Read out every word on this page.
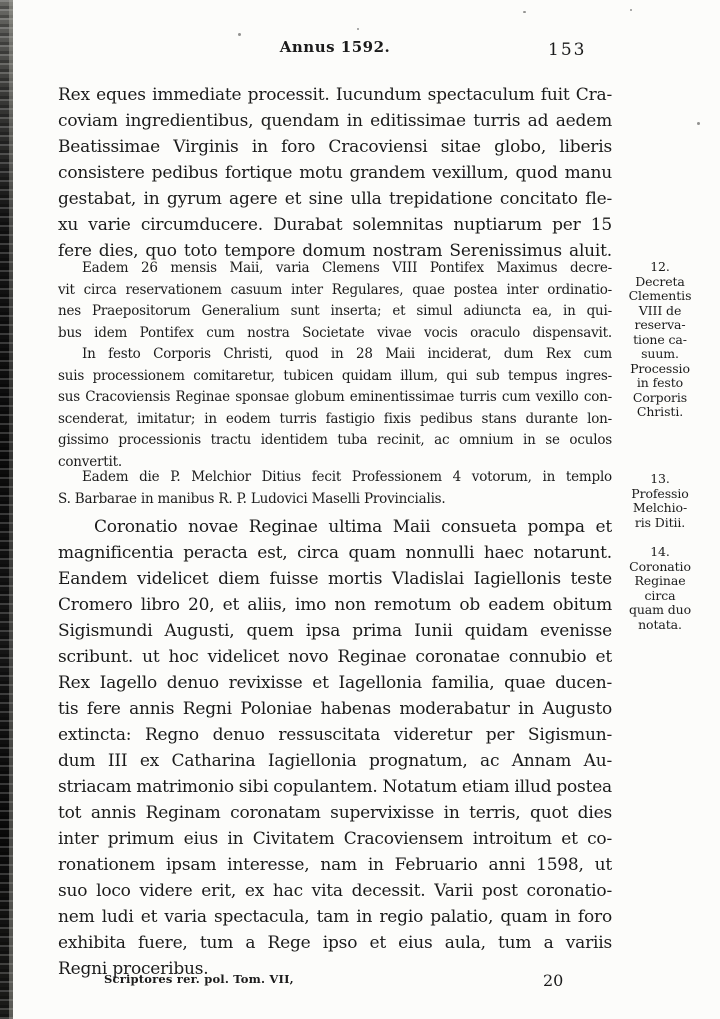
Annus 1592.	153
Rex eques immediate processit. Iucundum spectaculum fuit Cra-
coviam ingredientibus, quendam in editissimae turris ad aedem
Beatissimae Virginis in foro Cracoviensi sitae globo, liberis
consistere pedibus fortique motu grandem vexillum, quod manu
gestabat, in gyrum agere et sine ulla trepidatione concitato fle-
xu varie circumducere. Durabat solemnitas nuptiarum per 15
fere dies, quo toto tempore domum nostram Serenissimus aluit.
Eadem 26 mensis Maii, varia Clemens VIII Pontifex Maximus decre-
vit circa reservationem casuum inter Regulares, quae postea inter ordinatio-
nes Praepositorum Generalium sunt inserta; et simul adiuncta ea, in qui-
bus idem Pontifex cum nostra Societate vivae vocis oraculo dispensavit.
In festo Corporis Christi, quod in 28 Maii inciderat, dum Rex cum
suis processionem comitaretur, tubicen quidam illum, qui sub tempus ingres-
sus Cracoviensis Reginae sponsae globum eminentissimae turris cum vexillo con-
scenderat, imitatur; in eodem turris fastigio fixis pedibus stans durante lon-
gissimo processionis tractu identidem tuba recinit, ac omnium in se oculos
convertit.
Eadem die P. Melchior Ditius fecit Professionem 4 votorum, in templo
S. Barbarae in manibus R. P. Ludovici Maselli Provincialis.
Coronatio novae Reginae ultima Maii consueta pompa et
magnificentia peracta est, circa quam nonnulli haec notarunt.
Eandem videlicet diem fuisse mortis Vladislai Iagiellonis teste
Cromero libro 20, et aliis, imo non remotum ob eadem obitum
Sigismundi Augusti, quem ipsa prima Iunii quidam evenisse
scribunt. ut hoc videlicet novo Reginae coronatae connubio et
Rex Iagello denuo revixisse et Iagellonia familia, quae ducen-
tis fere annis Regni Poloniae habenas moderabatur in Augusto
extincta: Regno denuo ressuscitata videretur per Sigismun-
dum III ex Catharina Iagiellonia prognatum, ac Annam Au-
striacam matrimonio sibi copulantem. Notatum etiam illud postea
tot annis Reginam coronatam supervixisse in terris, quot dies
inter primum eius in Civitatem Cracoviensem introitum et co-
ronationem ipsam interesse, nam in Februario anni 1598, ut
suo loco videre erit, ex hac vita decessit. Varii post coronatio-
nem ludi et varia spectacula, tam in regio palatio, quam in foro
exhibita fuere, tum a Rege ipso et eius aula, tum a variis
Regni proceribus.
12.
Decreta
Clementis
VIII de
reserva-
tione ca-
suum.
Processio
in festo
Corporis
Christi.
13.
Professio
Melchio-
ris Ditii.
14.
Coronatio
Reginae
circa
quam duo
notata.
Scriptores rer. pol. Tom. VII,	20
